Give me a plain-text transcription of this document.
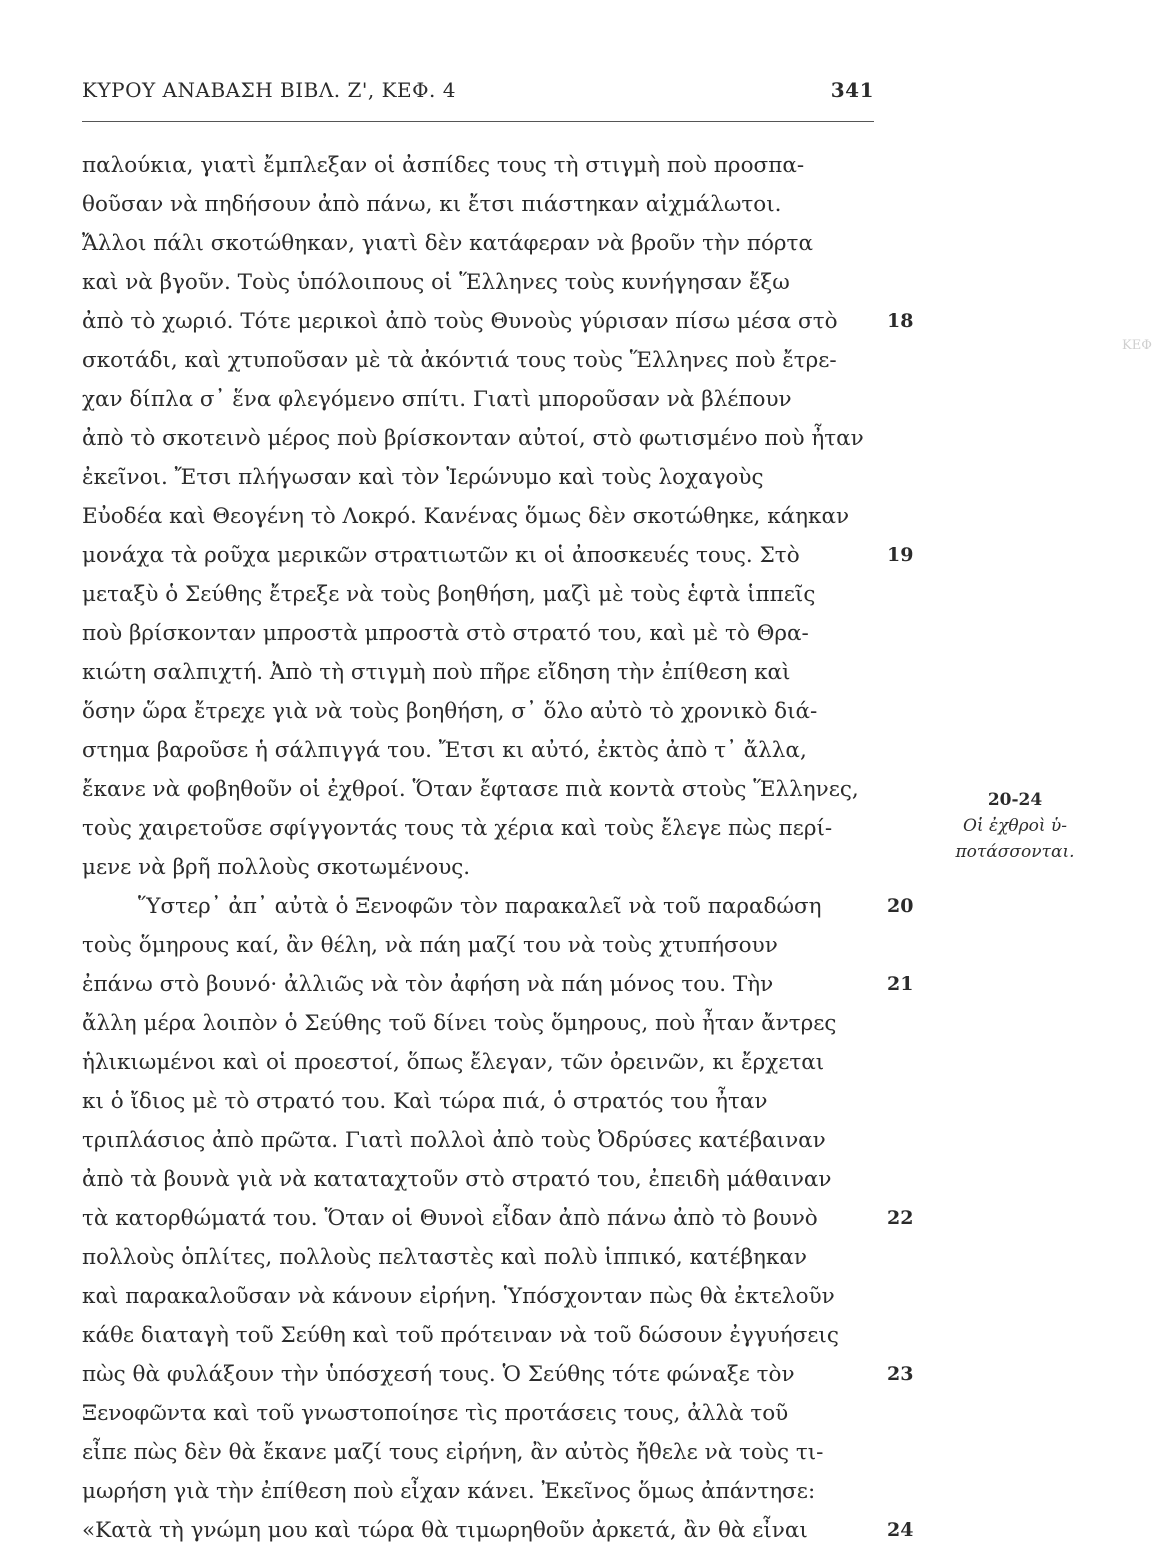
ΚΥΡΟΥ ΑΝΑΒΑΣΗ ΒΙΒΛ. Ζ', ΚΕΦ. 4	341
παλούκια, γιατὶ ἔμπλεξαν οἱ ἀσπίδες τους τὴ στιγμὴ ποὺ προσπα-
θοῦσαν νὰ πηδήσουν ἀπὸ πάνω, κι ἔτσι πιάστηκαν αἰχμάλωτοι.
Ἄλλοι πάλι σκοτώθηκαν, γιατὶ δὲν κατάφεραν νὰ βροῦν τὴν πόρτα
καὶ νὰ βγοῦν. Τοὺς ὑπόλοιπους οἱ Ἕλληνες τοὺς κυνήγησαν ἔξω
ἀπὸ τὸ χωριό. Τότε μερικοὶ ἀπὸ τοὺς Θυνοὺς γύρισαν πίσω μέσα στὸ	18
σκοτάδι, καὶ χτυποῦσαν μὲ τὰ ἀκόντιά τους τοὺς Ἕλληνες ποὺ ἔτρε-
χαν δίπλα σ᾽ ἕνα φλεγόμενο σπίτι. Γιατὶ μποροῦσαν νὰ βλέπουν
ἀπὸ τὸ σκοτεινὸ μέρος ποὺ βρίσκονταν αὐτοί, στὸ φωτισμένο ποὺ ἦταν
ἐκεῖνοι. Ἔτσι πλήγωσαν καὶ τὸν Ἱερώνυμο καὶ τοὺς λοχαγοὺς
Εὐοδέα καὶ Θεογένη τὸ Λοκρό. Κανένας ὅμως δὲν σκοτώθηκε, κάηκαν
μονάχα τὰ ροῦχα μερικῶν στρατιωτῶν κι οἱ ἀποσκευές τους. Στὸ	19
μεταξὺ ὁ Σεύθης ἔτρεξε νὰ τοὺς βοηθήση, μαζὶ μὲ τοὺς ἑφτὰ ἱππεῖς
ποὺ βρίσκονταν μπροστὰ μπροστὰ στὸ στρατό του, καὶ μὲ τὸ Θρα-
κιώτη σαλπιχτή. Ἀπὸ τὴ στιγμὴ ποὺ πῆρε εἴδηση τὴν ἐπίθεση καὶ
ὅσην ὥρα ἔτρεχε γιὰ νὰ τοὺς βοηθήση, σ᾽ ὅλο αὐτὸ τὸ χρονικὸ διά-
στημα βαροῦσε ἡ σάλπιγγά του. Ἔτσι κι αὐτό, ἐκτὸς ἀπὸ τ᾽ ἄλλα,
ἔκανε νὰ φοβηθοῦν οἱ ἐχθροί. Ὅταν ἔφτασε πιὰ κοντὰ στοὺς Ἕλληνες,
τοὺς χαιρετοῦσε σφίγγοντάς τους τὰ χέρια καὶ τοὺς ἔλεγε πὼς περί-
μενε νὰ βρῆ πολλοὺς σκοτωμένους.
Ὕστερ᾽ ἀπ᾽ αὐτὰ ὁ Ξενοφῶν τὸν παρακαλεῖ νὰ τοῦ παραδώση	20
τοὺς ὅμηρους καί, ἂν θέλη, νὰ πάη μαζί του νὰ τοὺς χτυπήσουν
ἐπάνω στὸ βουνό· ἀλλιῶς νὰ τὸν ἀφήση νὰ πάη μόνος του. Τὴν	21
ἄλλη μέρα λοιπὸν ὁ Σεύθης τοῦ δίνει τοὺς ὅμηρους, ποὺ ἦταν ἄντρες
ἡλικιωμένοι καὶ οἱ προεστοί, ὅπως ἔλεγαν, τῶν ὀρεινῶν, κι ἔρχεται
κι ὁ ἴδιος μὲ τὸ στρατό του. Καὶ τώρα πιά, ὁ στρατός του ἦταν
τριπλάσιος ἀπὸ πρῶτα. Γιατὶ πολλοὶ ἀπὸ τοὺς Ὀδρύσες κατέβαιναν
ἀπὸ τὰ βουνὰ γιὰ νὰ καταταχτοῦν στὸ στρατό του, ἐπειδὴ μάθαιναν
τὰ κατορθώματά του. Ὅταν οἱ Θυνοὶ εἶδαν ἀπὸ πάνω ἀπὸ τὸ βουνὸ	22
πολλοὺς ὁπλίτες, πολλοὺς πελταστὲς καὶ πολὺ ἱππικό, κατέβηκαν
καὶ παρακαλοῦσαν νὰ κάνουν εἰρήνη. Ὑπόσχονταν πὼς θὰ ἐκτελοῦν
κάθε διαταγὴ τοῦ Σεύθη καὶ τοῦ πρότειναν νὰ τοῦ δώσουν ἐγγυήσεις
πὼς θὰ φυλάξουν τὴν ὑπόσχεσή τους. Ὁ Σεύθης τότε φώναξε τὸν	23
Ξενοφῶντα καὶ τοῦ γνωστοποίησε τὶς προτάσεις τους, ἀλλὰ τοῦ
εἶπε πὼς δὲν θὰ ἔκανε μαζί τους εἰρήνη, ἂν αὐτὸς ἤθελε νὰ τοὺς τι-
μωρήση γιὰ τὴν ἐπίθεση ποὺ εἶχαν κάνει. Ἐκεῖνος ὅμως ἀπάντησε:
«Κατὰ τὴ γνώμη μου καὶ τώρα θὰ τιμωρηθοῦν ἀρκετά, ἂν θὰ εἶναι	24
20-24
Οἱ ἐχθροὶ ὑ-
ποτάσσονται.
ΚΕΦ
